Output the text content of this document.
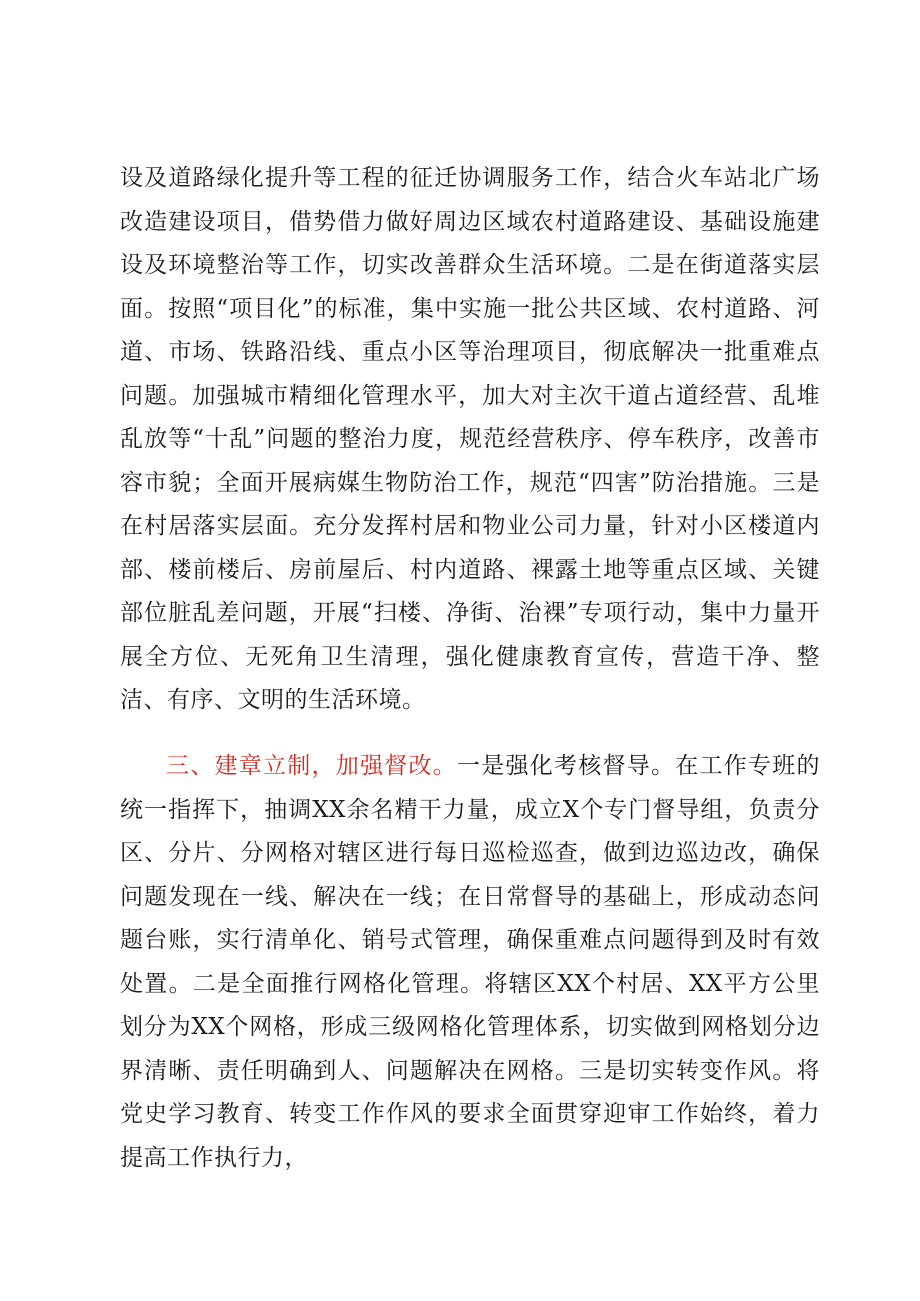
设及道路绿化提升等工程的征迁协调服务工作，结合火车站北广场改造建设项目，借势借力做好周边区域农村道路建设、基础设施建设及环境整治等工作，切实改善群众生活环境。二是在街道落实层面。按照“项目化”的标准，集中实施一批公共区域、农村道路、河道、市场、铁路沿线、重点小区等治理项目，彻底解决一批重难点问题。加强城市精细化管理水平，加大对主次干道占道经营、乱堆乱放等“十乱”问题的整治力度，规范经营秩序、停车秩序，改善市容市貌；全面开展病媒生物防治工作，规范“四害”防治措施。三是在村居落实层面。充分发挥村居和物业公司力量，针对小区楼道内部、楼前楼后、房前屋后、村内道路、裸露土地等重点区域、关键部位脏乱差问题，开展“扫楼、净街、治裸”专项行动，集中力量开展全方位、无死角卫生清理，强化健康教育宣传，营造干净、整洁、有序、文明的生活环境。

三、建章立制，加强督改。一是强化考核督导。在工作专班的统一指挥下，抽调XX余名精干力量，成立X个专门督导组，负责分区、分片、分网格对辖区进行每日巡检巡查，做到边巡边改，确保问题发现在一线、解决在一线；在日常督导的基础上，形成动态问题台账，实行清单化、销号式管理，确保重难点问题得到及时有效处置。二是全面推行网格化管理。将辖区XX个村居、XX平方公里划分为XX个网格，形成三级网格化管理体系，切实做到网格划分边界清晰、责任明确到人、问题解决在网格。三是切实转变作风。将党史学习教育、转变工作作风的要求全面贯穿迎审工作始终，着力提高工作执行力，
